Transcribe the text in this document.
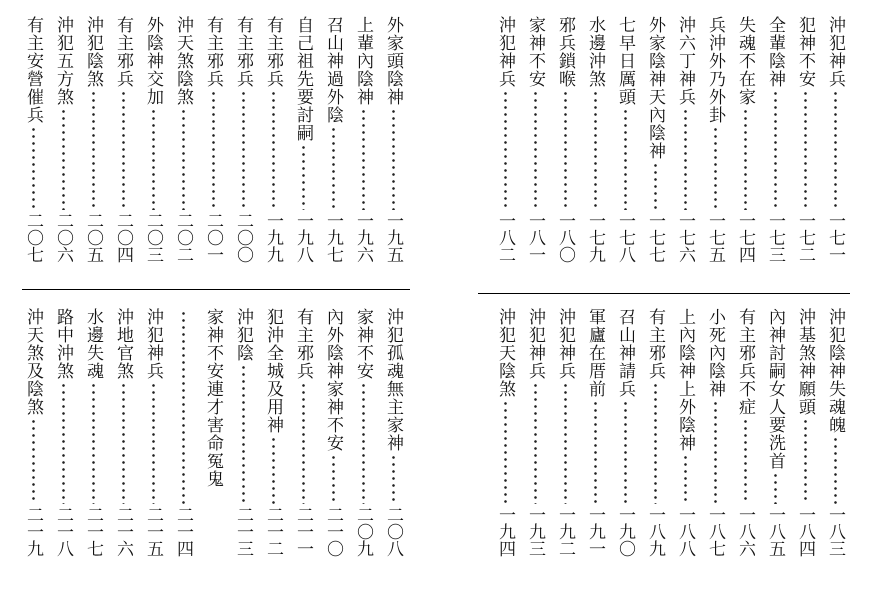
沖犯神兵
一七一
犯神不安
一七二
全輩陰神
一七三
失魂不在家
一七四
兵沖外乃外卦
一七五
沖六丁神兵
一七六
外家陰神天內陰神
一七七
七早日厲頭
一七八
水邊沖煞
一七九
邪兵鎖喉
一八〇
家神不安
一八一
沖犯神兵
一八二
外家頭陰神
一九五
上輩內陰神
一九六
召山神過外陰
一九七
自己祖先要討嗣
一九八
有主邪兵
一九九
有主邪兵
二〇〇
有主邪兵
二〇一
沖天煞陰煞
二〇二
外陰神交加
二〇三
有主邪兵
二〇四
沖犯陰煞
二〇五
沖犯五方煞
二〇六
有主安營催兵
二〇七
沖犯陰神失魂魄
一八三
沖基煞神願頭
一八四
內神討嗣女人要洗首
一八五
有主邪兵不症
一八六
小死內陰神
一八七
上內陰神上外陰神
一八八
有主邪兵
一八九
召山神請兵
一九〇
軍廬在厝前
一九一
沖犯神兵
一九二
沖犯神兵
一九三
沖犯天陰煞
一九四
沖犯孤魂無主家神
二〇八
家神不安
二〇九
內外陰神家神不安
二一〇
有主邪兵
二一一
犯沖全城及用神
二一二
沖犯陰
二一三
家神不安連才害命冤鬼
二一四
沖犯神兵
二一五
沖地官煞
二一六
水邊失魂
二一七
路中沖煞
二一八
沖天煞及陰煞
二一九
